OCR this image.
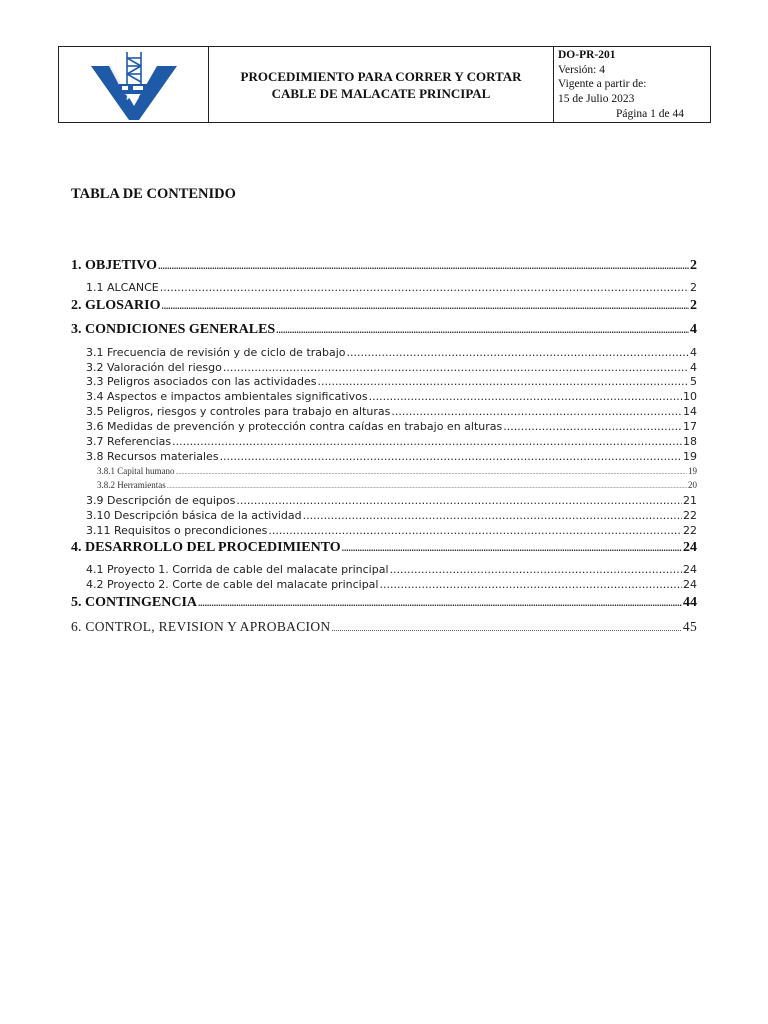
PROCEDIMIENTO PARA CORRER Y CORTAR
CABLE DE MALACATE PRINCIPAL
DO-PR-201
Versión: 4
Vigente a partir de:
15 de Julio 2023
Página 1 de 44
TABLA DE CONTENIDO
1. OBJETIVO .....	2
1.1 ALCANCE .....	2
2. GLOSARIO .....	2
3. CONDICIONES GENERALES .....	4
3.1 Frecuencia de revisión y de ciclo de trabajo .....	4
3.2 Valoración del riesgo .....	4
3.3 Peligros asociados con las actividades .....	5
3.4 Aspectos e impactos ambientales significativos .....	10
3.5 Peligros, riesgos y controles para trabajo en alturas .....	14
3.6 Medidas de prevención y protección contra caídas en trabajo en alturas .....	17
3.7 Referencias .....	18
3.8 Recursos materiales .....	19
3.8.1 Capital humano .....	19
3.8.2 Herramientas .....	20
3.9 Descripción de equipos .....	21
3.10 Descripción básica de la actividad .....	22
3.11 Requisitos o precondiciones .....	22
4. DESARROLLO DEL PROCEDIMIENTO .....	24
4.1 Proyecto 1. Corrida de cable del malacate principal .....	24
4.2 Proyecto 2. Corte de cable del malacate principal .....	24
5. CONTINGENCIA .....	44
6. CONTROL, REVISION Y APROBACION .....	45
